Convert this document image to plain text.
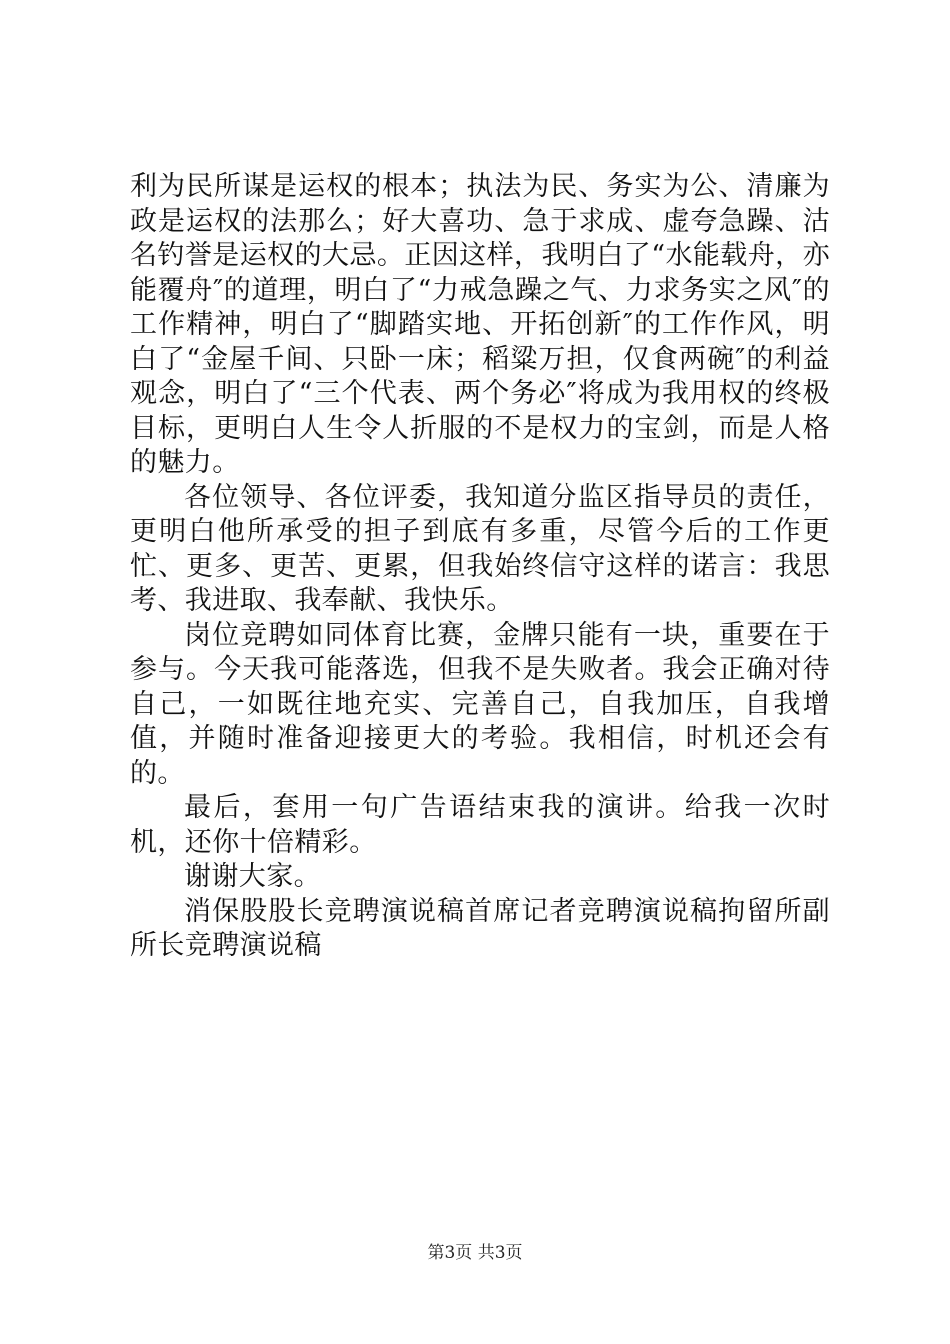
利为民所谋是运权的根本；执法为民、务实为公、清廉为政是运权的法那么；好大喜功、急于求成、虚夸急躁、沽名钓誉是运权的大忌。正因这样，我明白了“水能载舟，亦能覆舟″的道理，明白了“力戒急躁之气、力求务实之风″的工作精神，明白了“脚踏实地、开拓创新″的工作作风，明白了“金屋千间、只卧一床；稻粱万担，仅食两碗″的利益观念，明白了“三个代表、两个务必″将成为我用权的终极目标，更明白人生令人折服的不是权力的宝剑，而是人格的魅力。

各位领导、各位评委，我知道分监区指导员的责任，更明白他所承受的担子到底有多重，尽管今后的工作更忙、更多、更苦、更累，但我始终信守这样的诺言：我思考、我进取、我奉献、我快乐。

岗位竞聘如同体育比赛，金牌只能有一块，重要在于参与。今天我可能落选，但我不是失败者。我会正确对待自己，一如既往地充实、完善自己，自我加压，自我增值，并随时准备迎接更大的考验。我相信，时机还会有的。

最后，套用一句广告语结束我的演讲。给我一次时机，还你十倍精彩。

谢谢大家。

消保股股长竞聘演说稿首席记者竞聘演说稿拘留所副所长竞聘演说稿

第3页 共3页
